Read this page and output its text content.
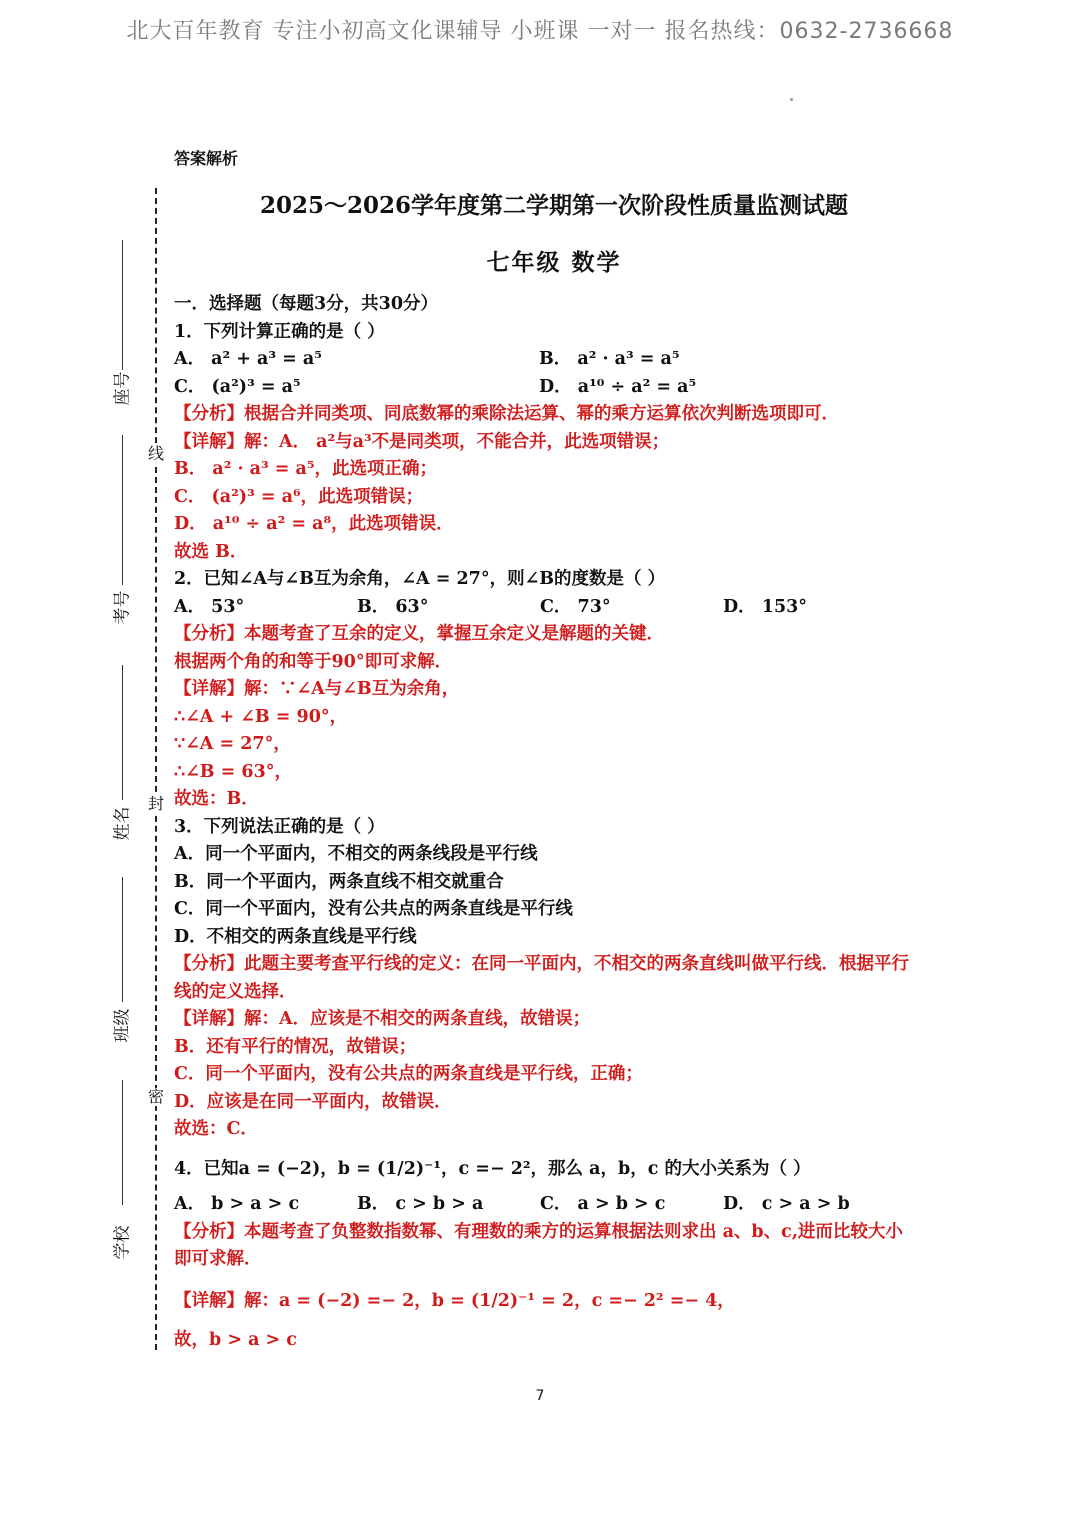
北大百年教育 专注小初高文化课辅导 小班课 一对一 报名热线：0632-2736668
线
封
密
座号
考号
姓名
班级
学校
答案解析
2025～2026学年度第二学期第一次阶段性质量监测试题
七年级 数学
一．选择题（每题3分，共30分）
1．下列计算正确的是（ ）
A． a² + a³ = a⁵	B． a² · a³ = a⁵
C． (a²)³ = a⁵	D． a¹⁰ ÷ a² = a⁵
【分析】根据合并同类项、同底数幂的乘除法运算、幂的乘方运算依次判断选项即可．
【详解】解：A． a²与a³不是同类项，不能合并，此选项错误；
B． a² · a³ = a⁵，此选项正确；
C． (a²)³ = a⁶，此选项错误；
D． a¹⁰ ÷ a² = a⁸，此选项错误．
故选 B．
2．已知∠A与∠B互为余角，∠A = 27°，则∠B的度数是（ ）
A． 53°	B． 63°	C． 73°	D． 153°
【分析】本题考查了互余的定义，掌握互余定义是解题的关键．
根据两个角的和等于90°即可求解．
【详解】解：∵∠A与∠B互为余角，
∴∠A + ∠B = 90°，
∵∠A = 27°，
∴∠B = 63°，
故选：B．
3．下列说法正确的是（ ）
A．同一个平面内，不相交的两条线段是平行线
B．同一个平面内，两条直线不相交就重合
C．同一个平面内，没有公共点的两条直线是平行线
D．不相交的两条直线是平行线
【分析】此题主要考查平行线的定义：在同一平面内，不相交的两条直线叫做平行线．根据平行线的定义选择．
【详解】解：A．应该是不相交的两条直线，故错误；
B．还有平行的情况，故错误；
C．同一个平面内，没有公共点的两条直线是平行线，正确；
D．应该是在同一平面内，故错误．
故选：C．
4．已知a = (−2)，b = (1/2)⁻¹，c =− 2²，那么 a，b，c 的大小关系为（ ）
A． b > a > c	B． c > b > a	C． a > b > c	D． c > a > b
【分析】本题考查了负整数指数幂、有理数的乘方的运算根据法则求出 a、b、c,进而比较大小即可求解．
【详解】解：a = (−2) =− 2，b = (1/2)⁻¹ = 2，c =− 2² =− 4，
故，b > a > c
7
